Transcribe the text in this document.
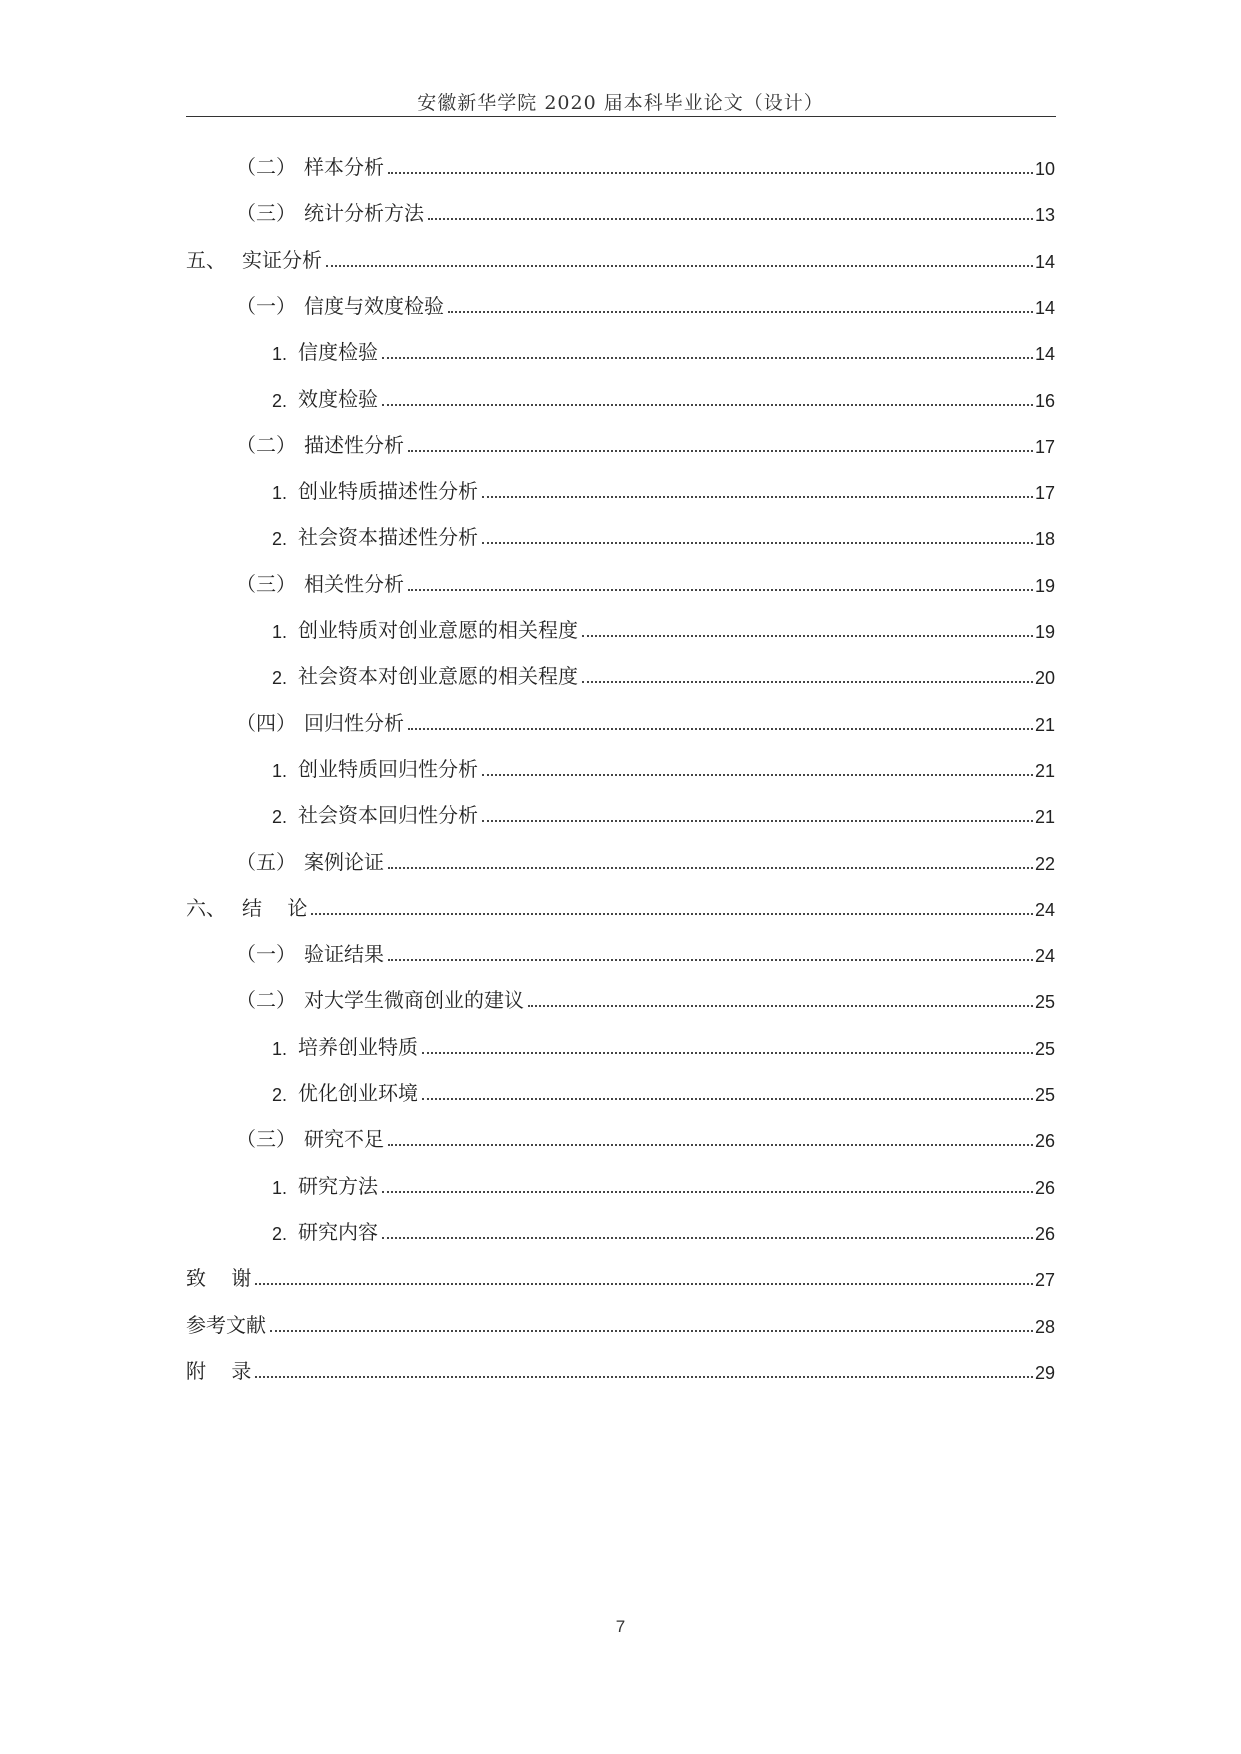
安徽新华学院 2020 届本科毕业论文（设计）
（二） 样本分析	10
（三） 统计分析方法	13
五、 实证分析	14
（一） 信度与效度检验	14
1. 信度检验	14
2. 效度检验	16
（二） 描述性分析	17
1. 创业特质描述性分析	17
2. 社会资本描述性分析	18
（三） 相关性分析	19
1. 创业特质对创业意愿的相关程度	19
2. 社会资本对创业意愿的相关程度	20
（四） 回归性分析	21
1. 创业特质回归性分析	21
2. 社会资本回归性分析	21
（五） 案例论证	22
六、 结    论	24
（一） 验证结果	24
（二） 对大学生微商创业的建议	25
1. 培养创业特质	25
2. 优化创业环境	25
（三） 研究不足	26
1. 研究方法	26
2. 研究内容	26
致    谢	27
参考文献	28
附    录	29
7
